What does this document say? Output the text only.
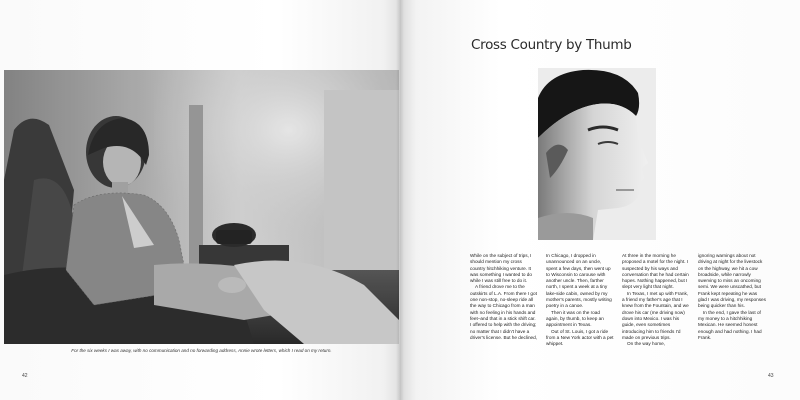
For the six weeks I was away, with no communication and no forwarding address, Annie wrote letters, which I read on my return.
42
Cross Country by Thumb

While on the subject of trips, I should mention my cross country hitchhiking venture. It was something I wanted to do while I was still free to do it.

A friend drove me to the outskirts of L.A. From there I got one non-stop, no-sleep ride all the way to Chicago from a man with no feeling in his hands and feet–and that in a stick shift car. I offered to help with the driving; no matter that I didn't have a driver's license. But he declined,

In Chicago, I dropped in unannounced on an uncle, spent a few days, then went up to Wisconsin to carouse with another uncle. Then, farther north, I spent a week at a tiny lake-side cabin, owned by my mother's parents, mostly writing poetry in a canoe.

Then it was on the road again, by thumb, to keep an appointment in Texas.

Out of St. Louis, I got a ride from a New York actor with a pet whippet.

At three in the morning he proposed a motel for the night. I suspected by his ways and conversation that he had certain hopes. Nothing happened, but I slept very light that night.

In Texas, I met up with Frank, a friend my father's age that I knew from the Fountain, and we drove his car (me driving now) down into Mexico. I was his guide, even sometimes introducing him to friends I'd made on previous trips.

On the way home,

ignoring warnings about not driving at night for the livestock on the highway, we hit a cow broadside, while narrowly swerving to miss an oncoming semi. We were unscathed, but Frank kept repeating he was glad I was driving, my responses being quicker than his.

In the end, I gave the last of my money to a hitchhiking Mexican. He seemed honest enough and had nothing. I had Frank.

43
